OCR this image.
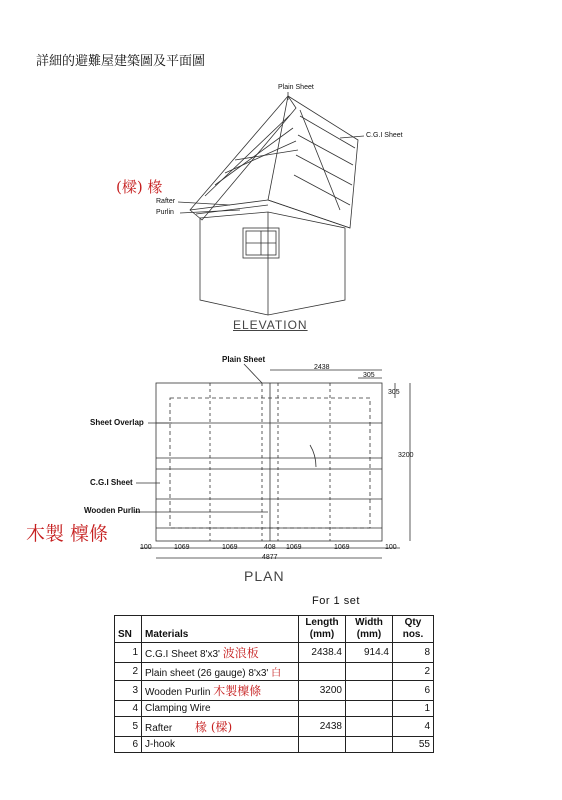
詳細的避難屋建築圖及平面圖
Plain Sheet
C.G.I Sheet
(樑) 椽
Rafter
Purlin
ELEVATION
Plain Sheet
2438
305
305
3200
Sheet Overlap
C.G.I Sheet
Wooden Purlin
木製 檁條
100	1069	1069	408 1069	1069	100
4877
PLAN
For 1 set
SN	Materials	Length (mm)	Width (mm)	Qty nos.
1	C.G.I Sheet 8'x3' 波浪板	2438.4	914.4	8
2	Plain sheet (26 gauge) 8'x3' 白			2
3	Wooden Purlin 木製檁條	3200		6
4	Clamping Wire			1
5	Rafter 椽 (樑)	2438		4
6	J-hook			55
